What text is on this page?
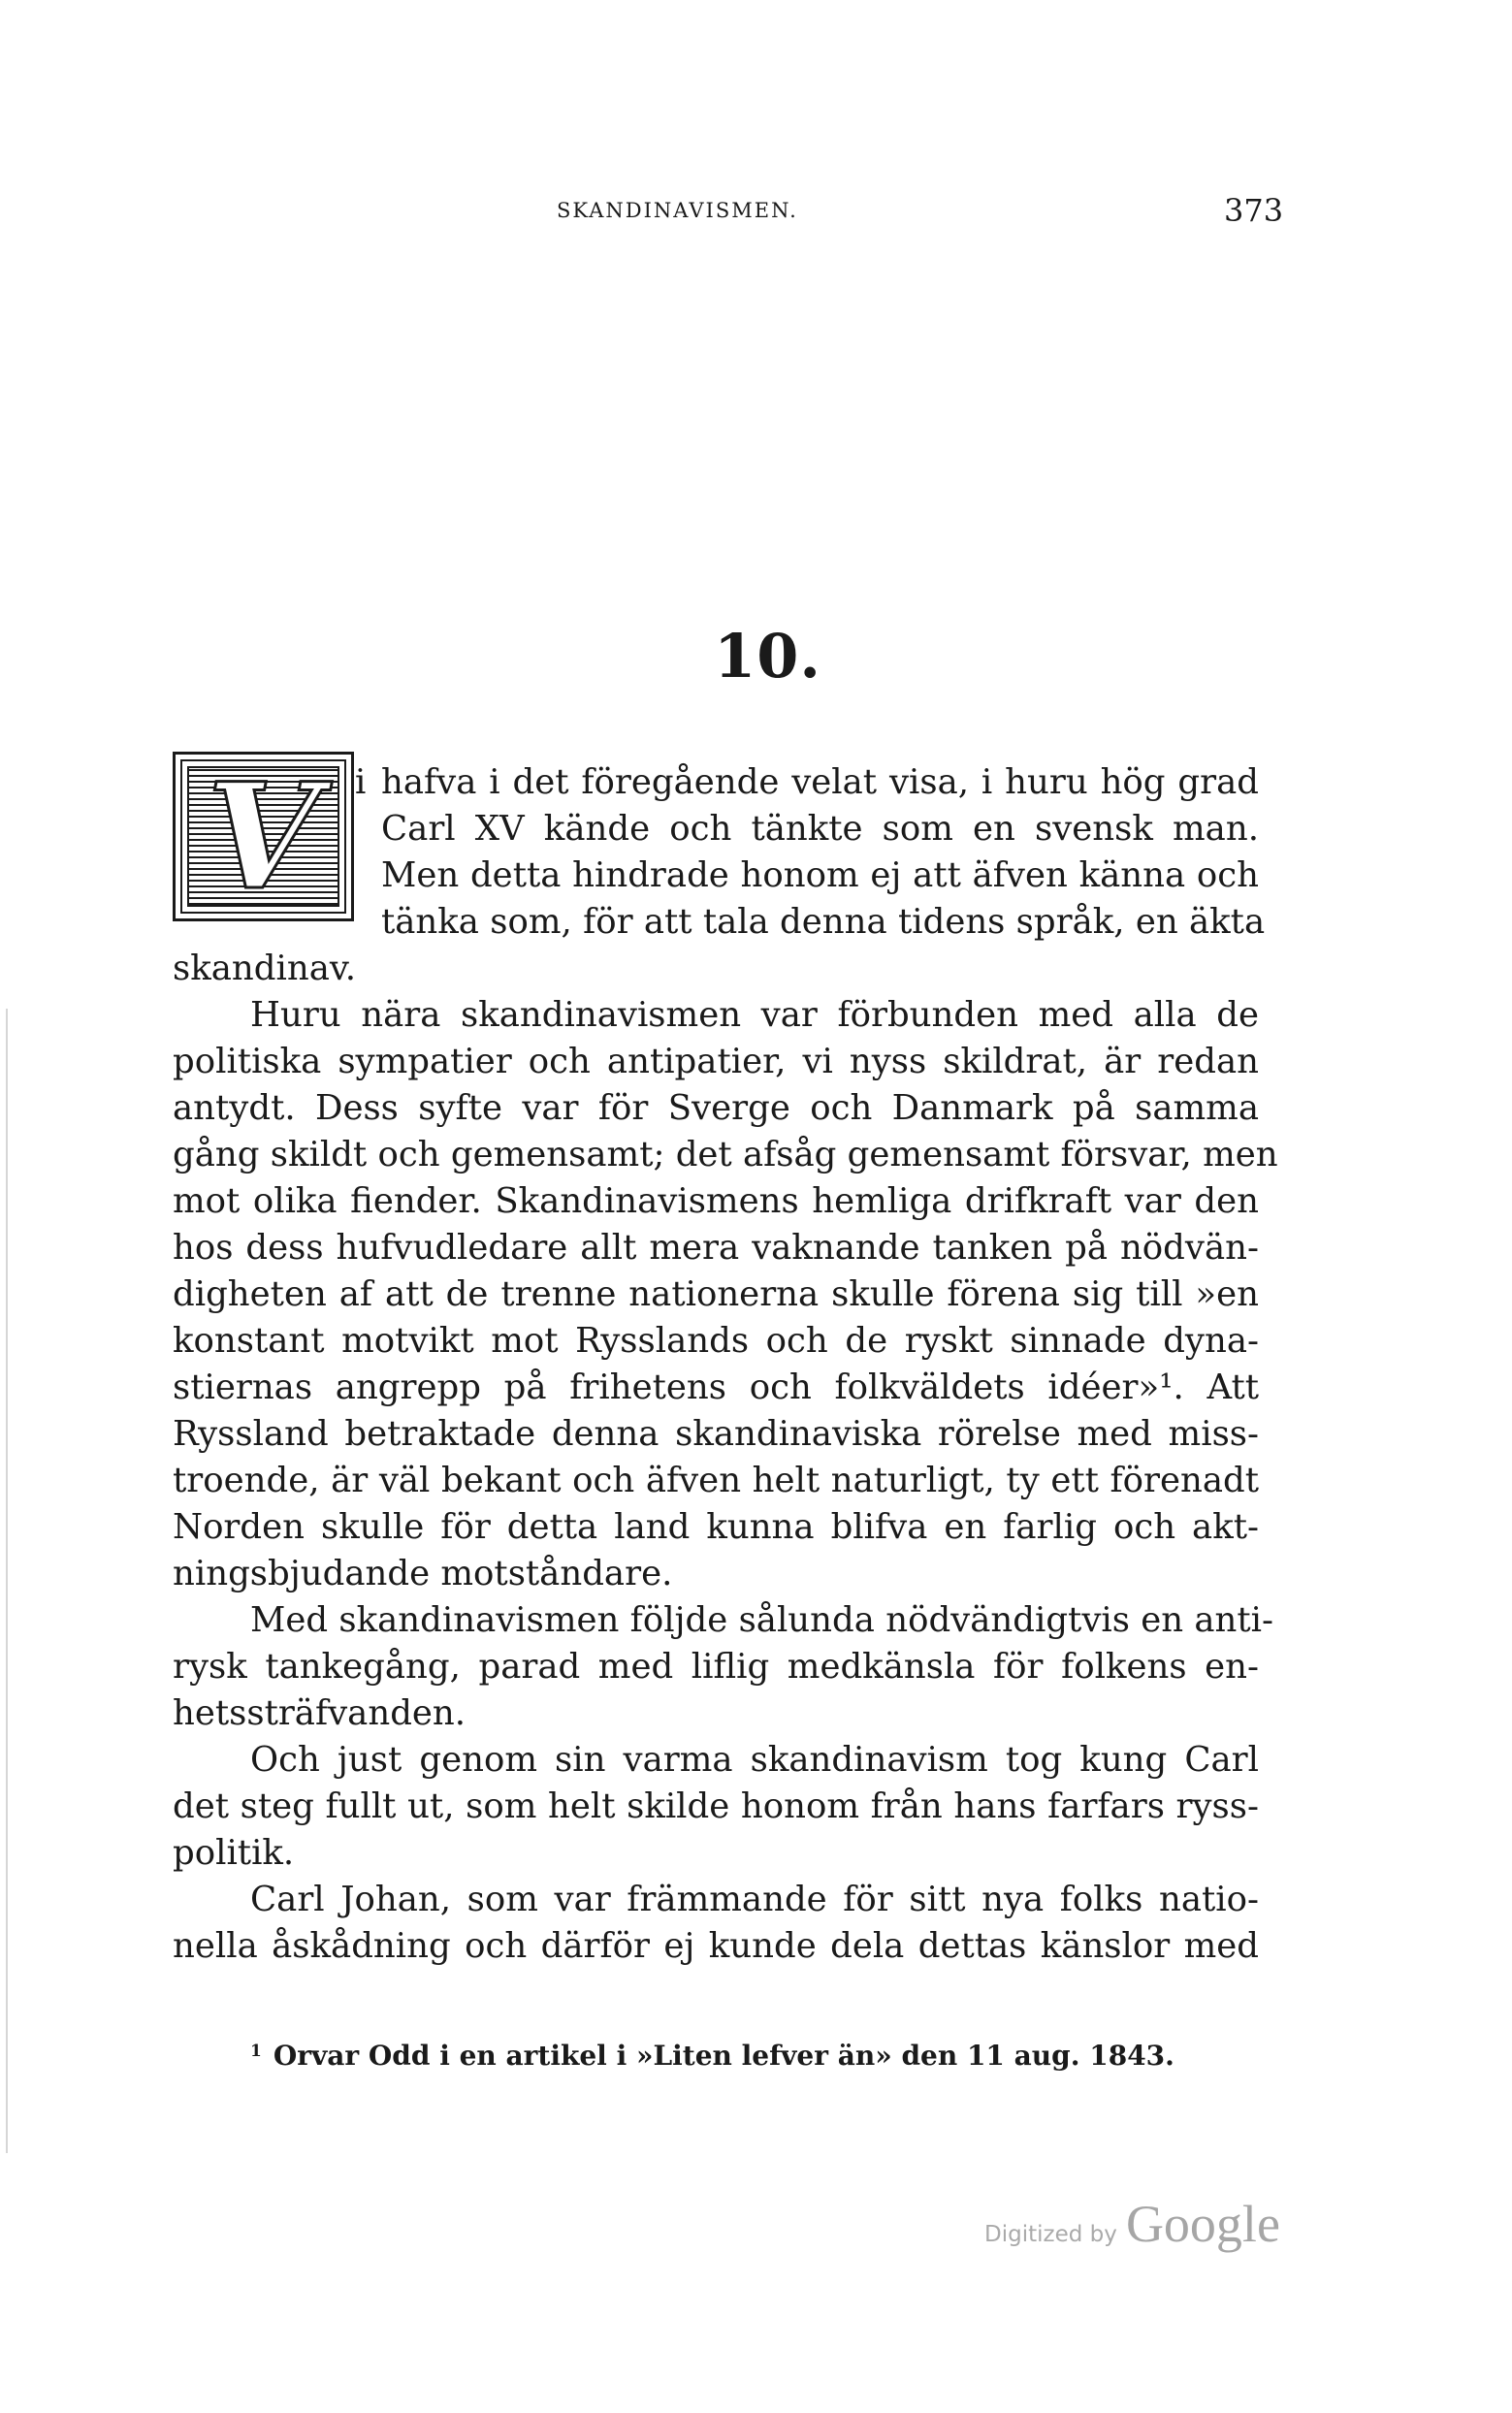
SKANDINAVISMEN.	373
10.
V	i hafva i det föregående velat visa, i huru hög grad
Carl XV kände och tänkte som en svensk man.
Men detta hindrade honom ej att äfven känna och
tänka som, för att tala denna tidens språk, en äkta
skandinav.
Huru nära skandinavismen var förbunden med alla de
politiska sympatier och antipatier, vi nyss skildrat, är redan
antydt. Dess syfte var för Sverge och Danmark på samma
gång skildt och gemensamt; det afsåg gemensamt försvar, men
mot olika fiender. Skandinavismens hemliga drifkraft var den
hos dess hufvudledare allt mera vaknande tanken på nödvän-
digheten af att de trenne nationerna skulle förena sig till »en
konstant motvikt mot Rysslands och de ryskt sinnade dyna-
stiernas angrepp på frihetens och folkväldets idéer»¹. Att
Ryssland betraktade denna skandinaviska rörelse med miss-
troende, är väl bekant och äfven helt naturligt, ty ett förenadt
Norden skulle för detta land kunna blifva en farlig och akt-
ningsbjudande motståndare.
Med skandinavismen följde sålunda nödvändigtvis en anti-
rysk tankegång, parad med liflig medkänsla för folkens en-
hetssträfvanden.
Och just genom sin varma skandinavism tog kung Carl
det steg fullt ut, som helt skilde honom från hans farfars ryss-
politik.
Carl Johan, som var främmande för sitt nya folks natio-
nella åskådning och därför ej kunde dela dettas känslor med
$^1$ Orvar Odd i en artikel i »Liten lefver än» den 11 aug. 1843.
Digitized by Google
